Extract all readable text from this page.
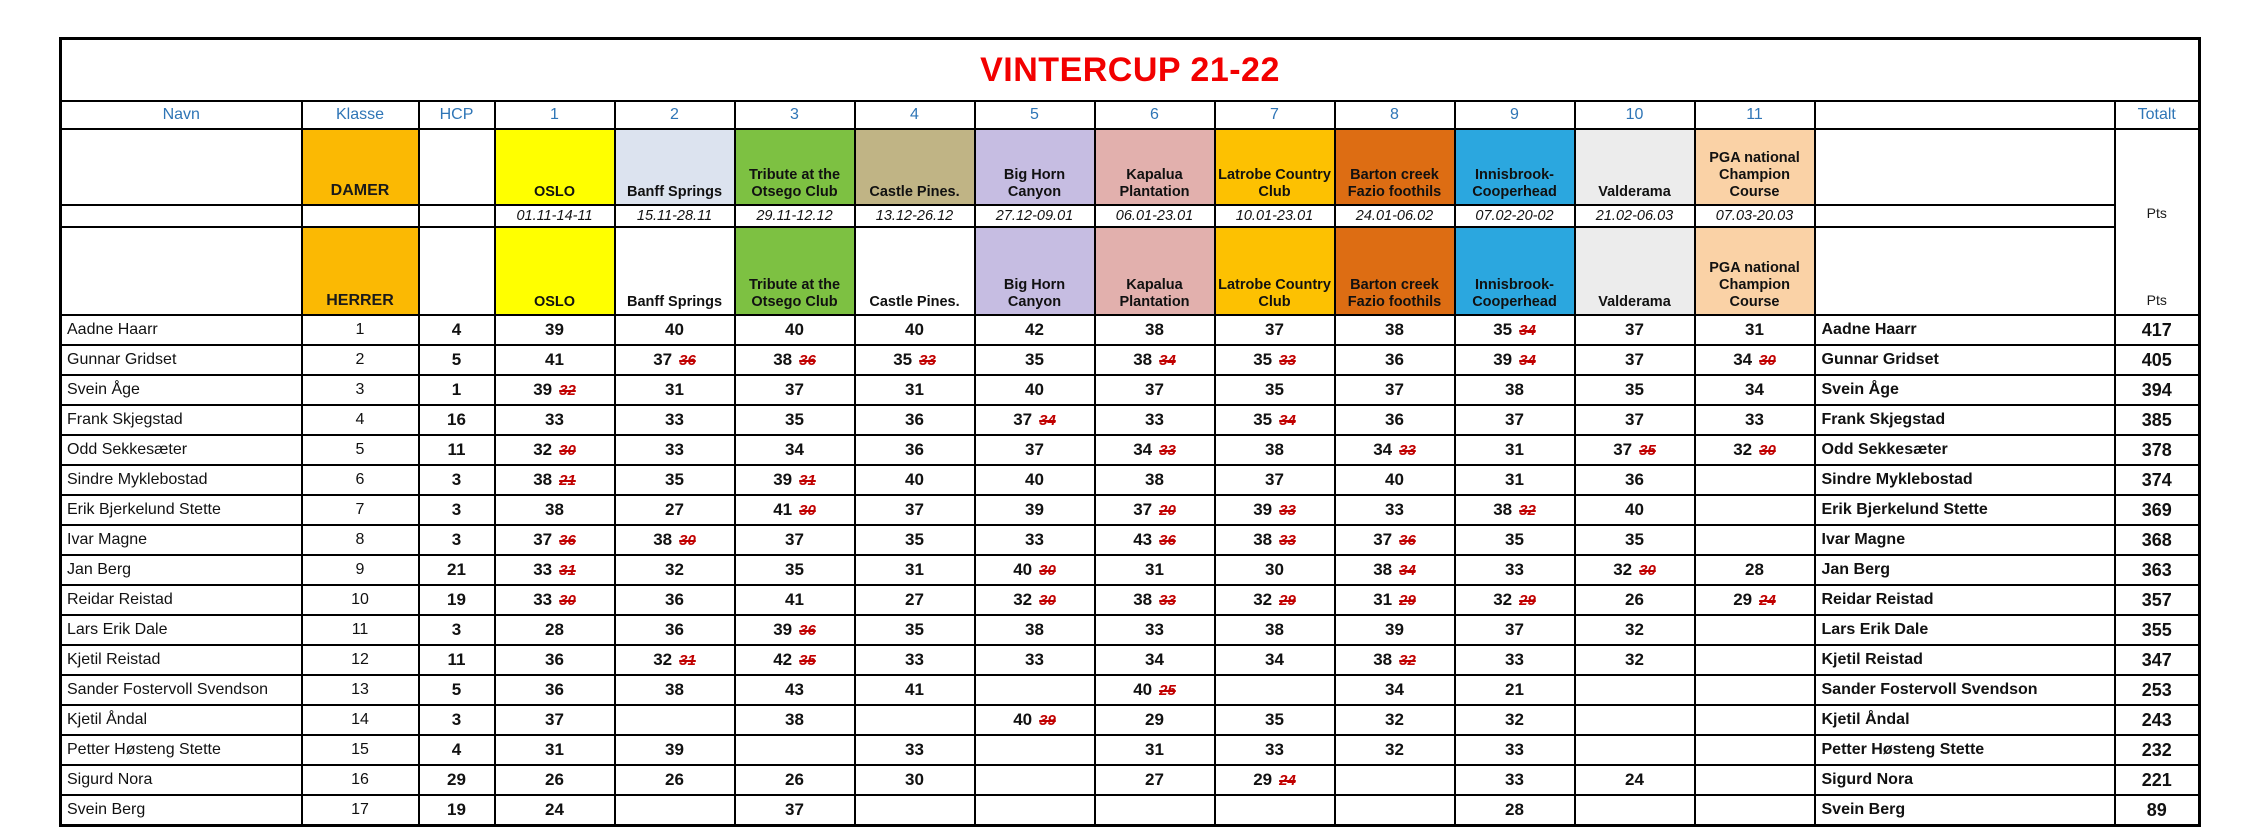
VINTERCUP 21-22															
Navn	Klasse	HCP	1	2	3	4	5	6	7	8	9	10	11		Totalt
	DAMER		OSLO	Banff Springs	Tribute at the Otsego Club	Castle Pines.	Big Horn Canyon	Kapalua Plantation	Latrobe Country Club	Barton creek Fazio foothils	Innisbrook-Cooperhead	Valderama	PGA national Champion Course		Pts
			01.11-14-11	15.11-28.11	29.11-12.12	13.12-26.12	27.12-09.01	06.01-23.01	10.01-23.01	24.01-06.02	07.02-20-02	21.02-06.03	07.03-20.03		
	HERRER		OSLO	Banff Springs	Tribute at the Otsego Club	Castle Pines.	Big Horn Canyon	Kapalua Plantation	Latrobe Country Club	Barton creek Fazio foothils	Innisbrook-Cooperhead	Valderama	PGA national Champion Course		Pts
Aadne Haarr	1	4	39	40	40	40	42	38	37	38	35 34	37	31	Aadne Haarr	417
Gunnar Gridset	2	5	41	37 36	38 36	35 33	35	38 34	35 33	36	39 34	37	34 30	Gunnar Gridset	405
Svein Åge	3	1	39 32	31	37	31	40	37	35	37	38	35	34	Svein Åge	394
Frank Skjegstad	4	16	33	33	35	36	37 34	33	35 34	36	37	37	33	Frank Skjegstad	385
Odd Sekkesæter	5	11	32 30	33	34	36	37	34 33	38	34 33	31	37 35	32 30	Odd Sekkesæter	378
Sindre Myklebostad	6	3	38 21	35	39 31	40	40	38	37	40	31	36		Sindre Myklebostad	374
Erik Bjerkelund Stette	7	3	38	27	41 30	37	39	37 20	39 33	33	38 32	40		Erik Bjerkelund Stette	369
Ivar Magne	8	3	37 36	38 30	37	35	33	43 36	38 33	37 36	35	35		Ivar Magne	368
Jan Berg	9	21	33 31	32	35	31	40 30	31	30	38 34	33	32 30	28	Jan Berg	363
Reidar Reistad	10	19	33 30	36	41	27	32 30	38 33	32 29	31 29	32 29	26	29 24	Reidar Reistad	357
Lars Erik Dale	11	3	28	36	39 36	35	38	33	38	39	37	32		Lars Erik Dale	355
Kjetil Reistad	12	11	36	32 31	42 35	33	33	34	34	38 32	33	32		Kjetil Reistad	347
Sander Fostervoll Svendson	13	5	36	38	43	41		40 25		34	21			Sander Fostervoll Svendson	253
Kjetil Åndal	14	3	37		38		40 39	29	35	32	32			Kjetil Åndal	243
Petter Høsteng Stette	15	4	31	39		33		31	33	32	33			Petter Høsteng Stette	232
Sigurd Nora	16	29	26	26	26	30		27	29 24		33	24		Sigurd Nora	221
Svein Berg	17	19	24		37						28			Svein Berg	89
